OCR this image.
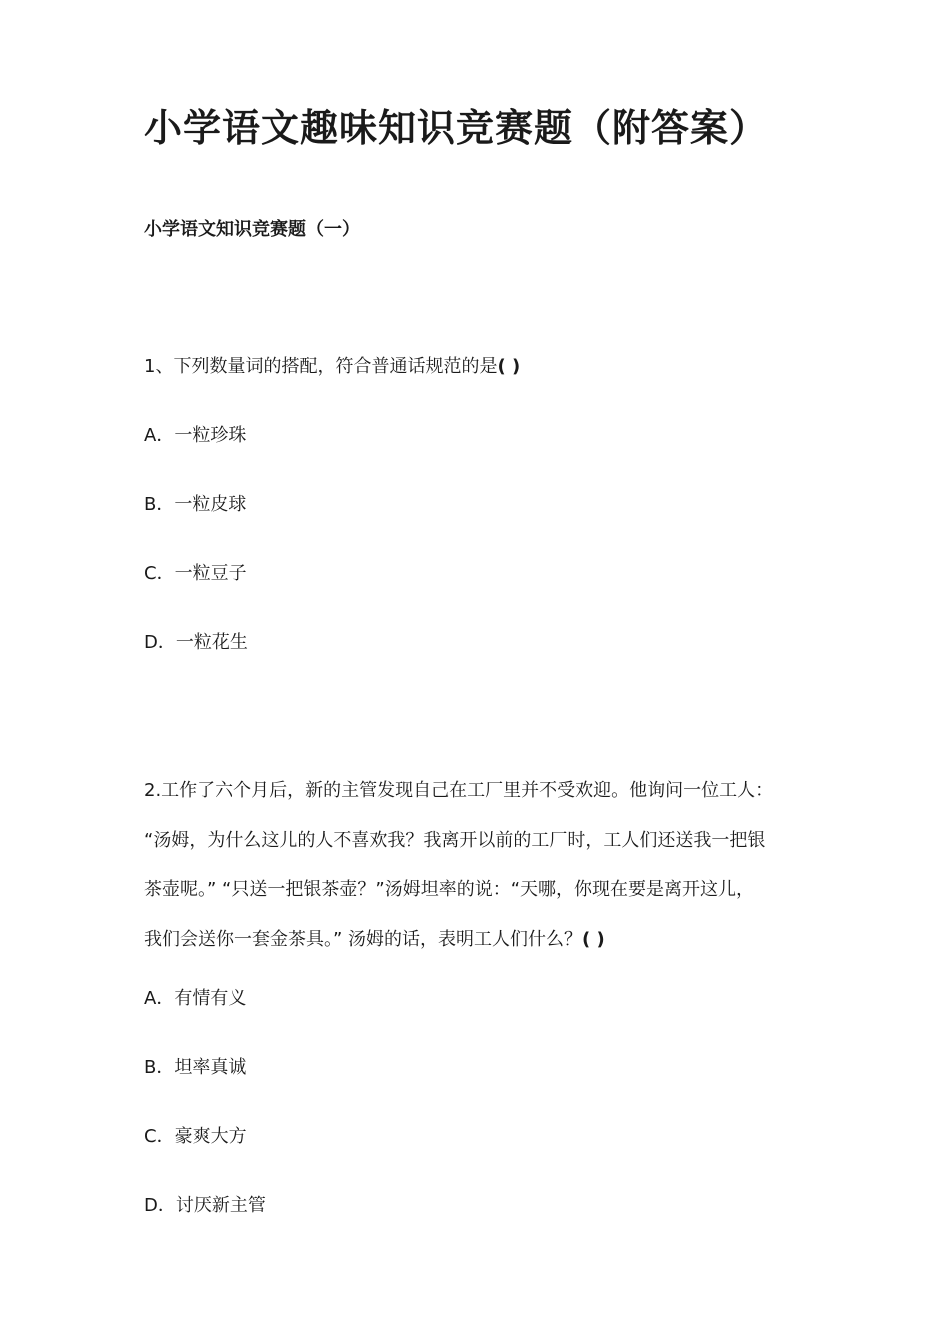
小学语文趣味知识竞赛题（附答案）
小学语文知识竞赛题（一）
1、下列数量词的搭配，符合普通话规范的是( )
A．一粒珍珠
B．一粒皮球
C．一粒豆子
D．一粒花生
2.工作了六个月后，新的主管发现自己在工厂里并不受欢迎。他询问一位工人：
“汤姆，为什么这儿的人不喜欢我？我离开以前的工厂时，工人们还送我一把银
茶壶呢。” “只送一把银茶壶？”汤姆坦率的说：“天哪，你现在要是离开这儿，
我们会送你一套金茶具。” 汤姆的话，表明工人们什么？( )
A．有情有义
B．坦率真诚
C．豪爽大方
D．讨厌新主管
